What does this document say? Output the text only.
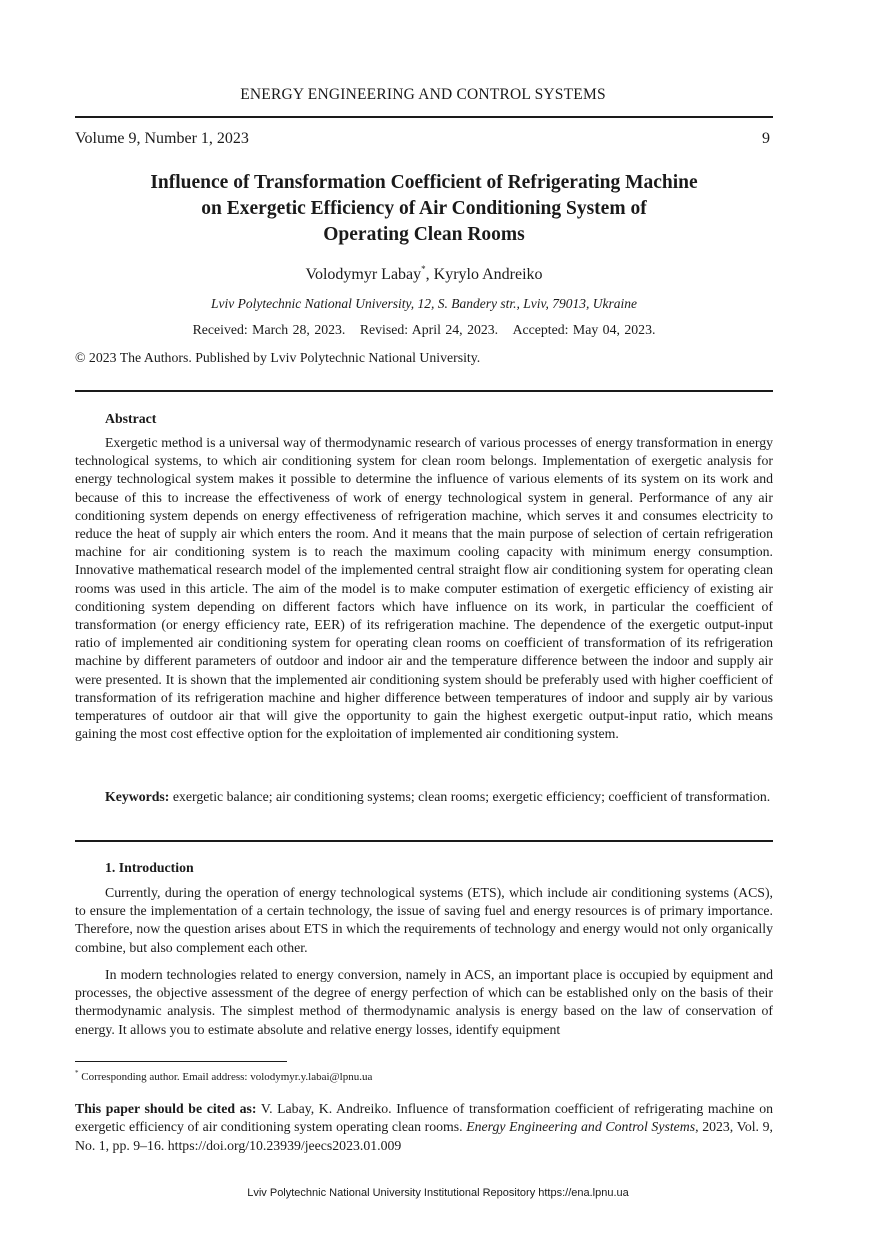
ENERGY ENGINEERING AND CONTROL SYSTEMS
Volume 9, Number 1, 2023	9
Influence of Transformation Coefficient of Refrigerating Machine
on Exergetic Efficiency of Air Conditioning System of
Operating Clean Rooms
Volodymyr Labay*, Kyrylo Andreiko
Lviv Polytechnic National University, 12, S. Bandery str., Lviv, 79013, Ukraine
Received: March 28, 2023. Revised: April 24, 2023. Accepted: May 04, 2023.
© 2023 The Authors. Published by Lviv Polytechnic National University.
Abstract

Exergetic method is a universal way of thermodynamic research of various processes of energy transformation in energy technological systems, to which air conditioning system for clean room belongs. Implementation of exergetic analysis for energy technological system makes it possible to determine the influence of various elements of its system on its work and because of this to increase the effectiveness of work of energy technological system in general. Performance of any air conditioning system depends on energy effectiveness of refrigeration machine, which serves it and consumes electricity to reduce the heat of supply air which enters the room. And it means that the main purpose of selection of certain refrigeration machine for air conditioning system is to reach the maximum cooling capacity with minimum energy consumption. Innovative mathematical research model of the implemented central straight flow air conditioning system for operating clean rooms was used in this article. The aim of the model is to make computer estimation of exergetic efficiency of existing air conditioning system depending on different factors which have influence on its work, in particular the coefficient of transformation (or energy efficiency rate, EER) of its refrigeration machine. The dependence of the exergetic output-input ratio of implemented air conditioning system for operating clean rooms on coefficient of transformation of its refrigeration machine by different parameters of outdoor and indoor air and the temperature difference between the indoor and supply air were presented. It is shown that the implemented air conditioning system should be preferably used with higher coefficient of transformation of its refrigeration machine and higher difference between temperatures of indoor and supply air by various temperatures of outdoor air that will give the opportunity to gain the highest exergetic output-input ratio, which means gaining the most cost effective option for the exploitation of implemented air conditioning system.

Keywords: exergetic balance; air conditioning systems; clean rooms; exergetic efficiency; coefficient of transformation.

1. Introduction

Currently, during the operation of energy technological systems (ETS), which include air conditioning systems (ACS), to ensure the implementation of a certain technology, the issue of saving fuel and energy resources is of primary importance. Therefore, now the question arises about ETS in which the requirements of technology and energy would not only organically combine, but also complement each other.

In modern technologies related to energy conversion, namely in ACS, an important place is occupied by equipment and processes, the objective assessment of the degree of energy perfection of which can be established only on the basis of their thermodynamic analysis. The simplest method of thermodynamic analysis is energy based on the law of conservation of energy. It allows you to estimate absolute and relative energy losses, identify equipment

* Corresponding author. Email address: volodymyr.y.labai@lpnu.ua
This paper should be cited as: V. Labay, K. Andreiko. Influence of transformation coefficient of refrigerating machine on exergetic efficiency of air conditioning system operating clean rooms. Energy Engineering and Control Systems, 2023, Vol. 9, No. 1, pp. 9–16. https://doi.org/10.23939/jeecs2023.01.009
Lviv Polytechnic National University Institutional Repository https://ena.lpnu.ua
